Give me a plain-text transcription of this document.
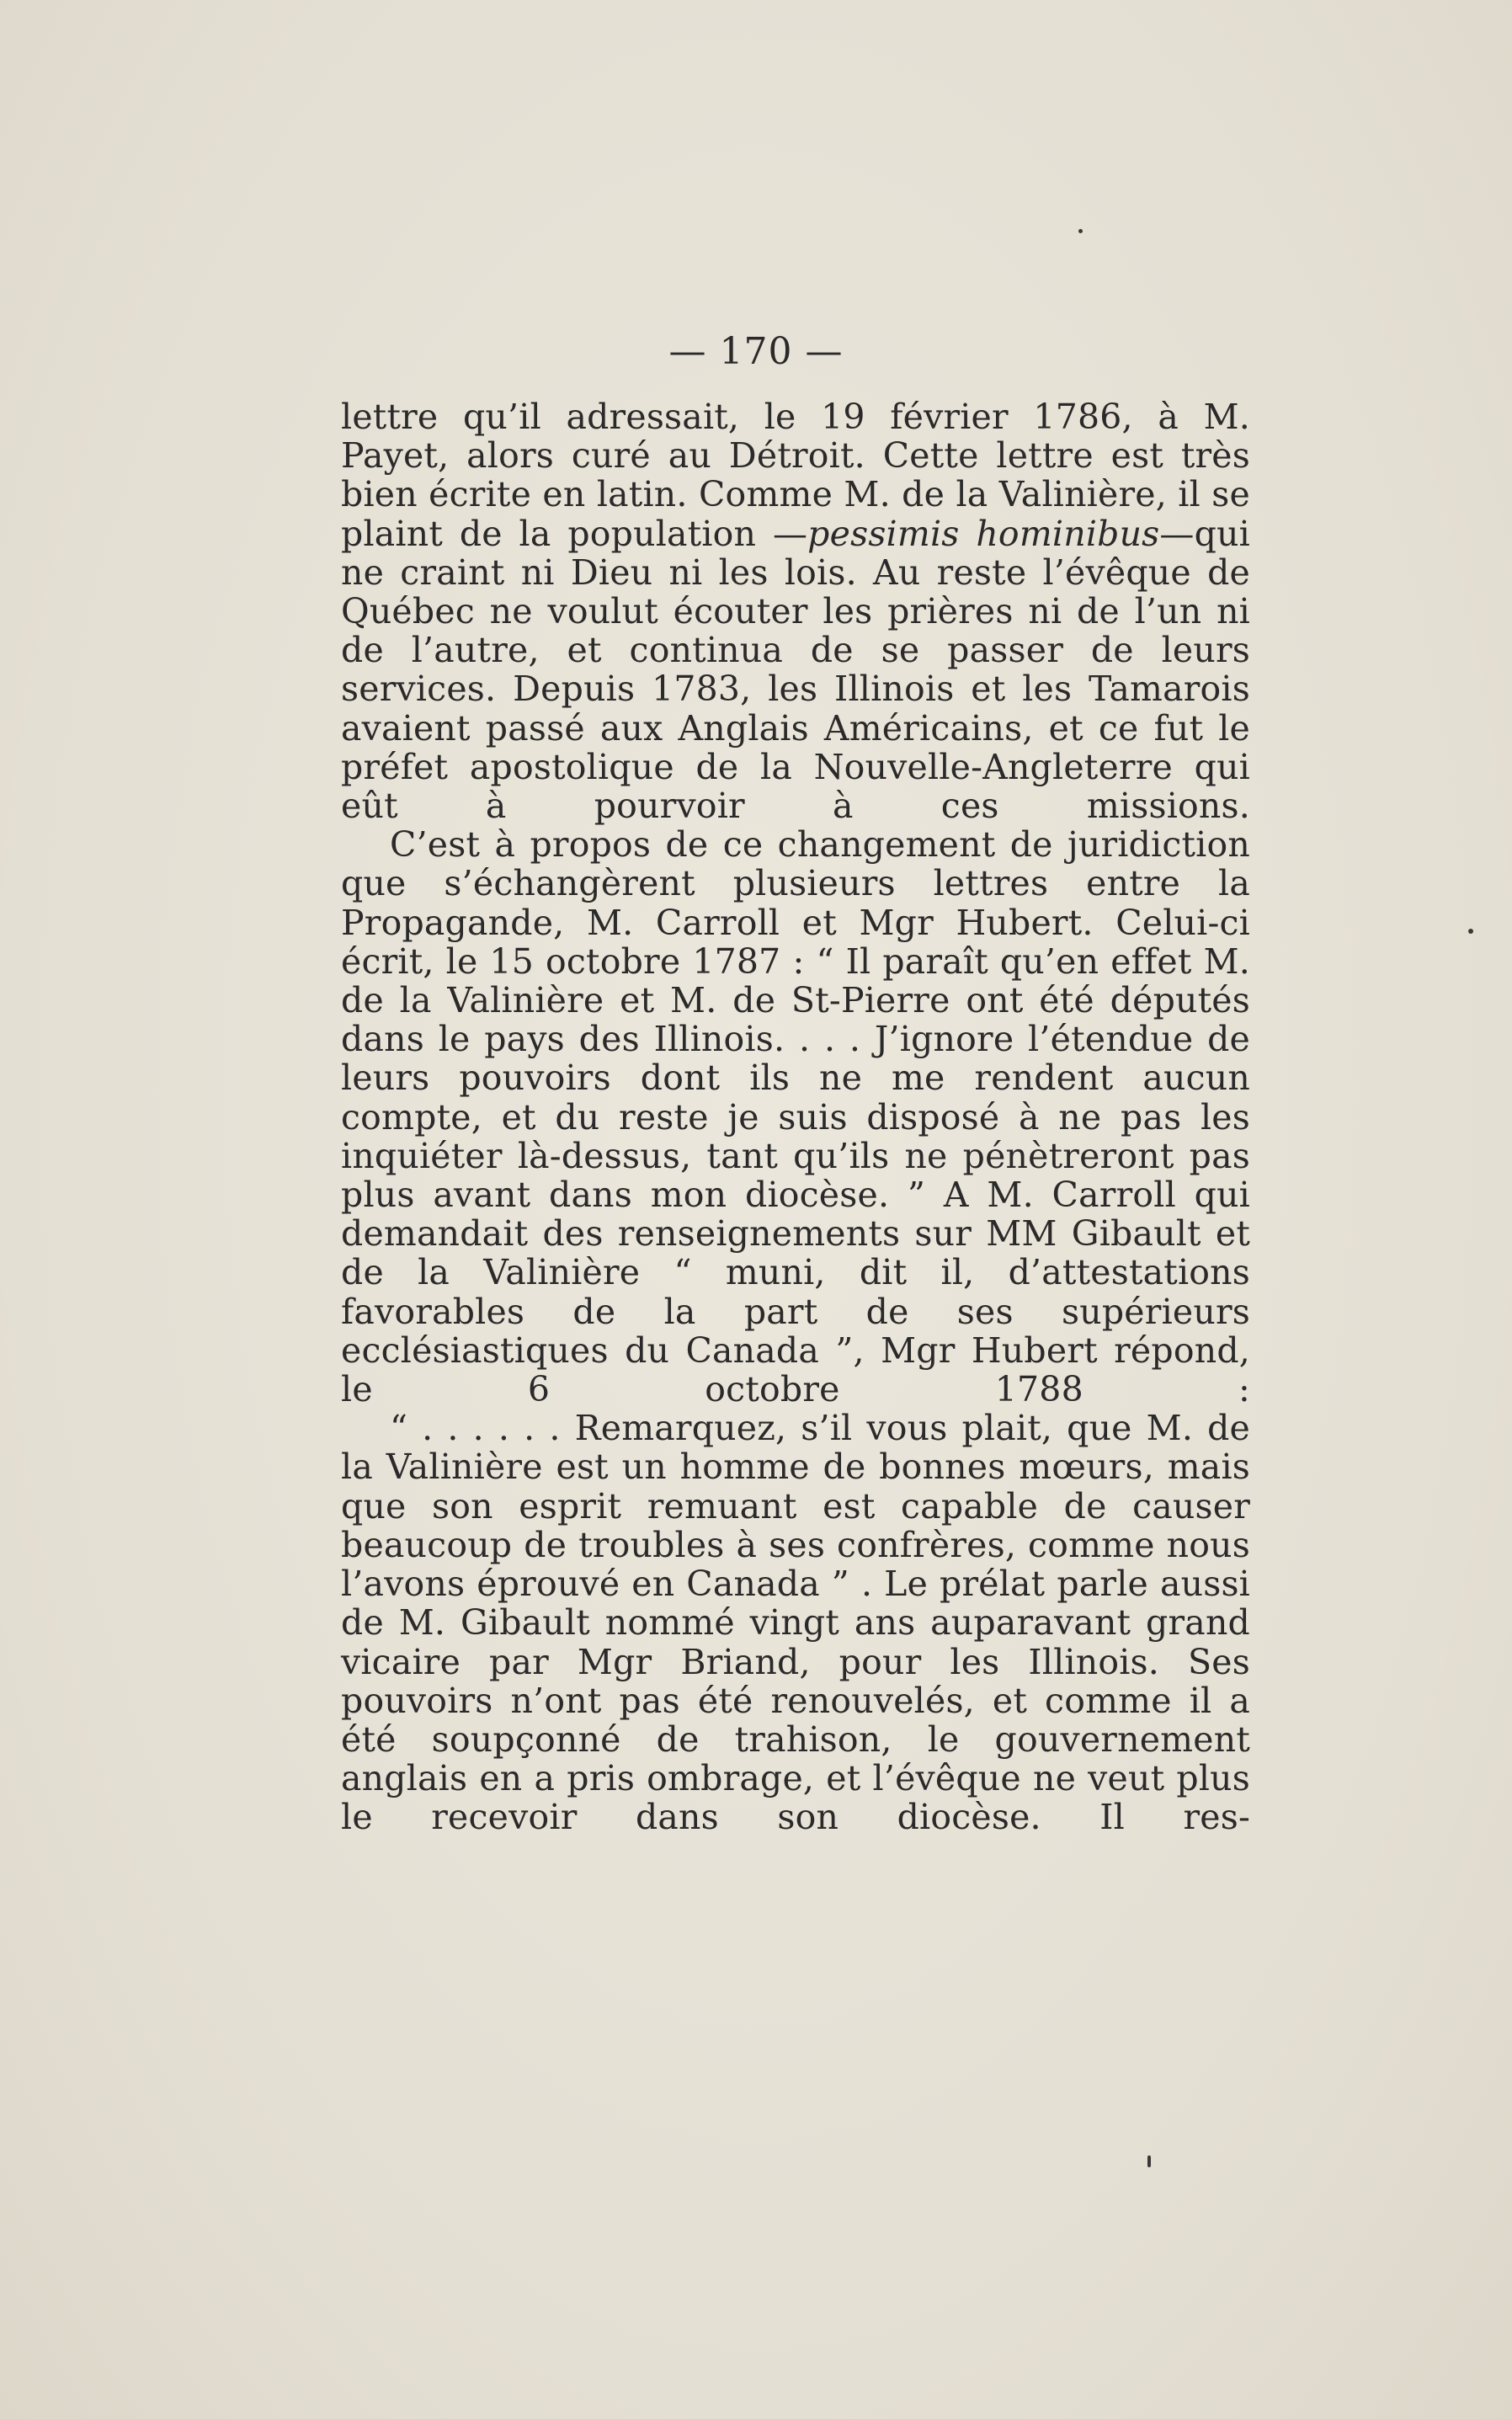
— 170 —

lettre qu’il adressait, le 19 février 1786, à M. Payet, alors curé au Détroit. Cette lettre est très bien écrite en latin. Comme M. de la Valinière, il se plaint de la population —pessimis hominibus—qui ne craint ni Dieu ni les lois. Au reste l’évêque de Québec ne voulut écouter les prières ni de l’un ni de l’autre, et continua de se passer de leurs services. Depuis 1783, les Illinois et les Tamarois avaient passé aux Anglais Américains, et ce fut le préfet apostolique de la Nouvelle-Angleterre qui eût à pourvoir à ces missions.

C’est à propos de ce changement de juridiction que s’échangèrent plusieurs lettres entre la Propagande, M. Carroll et Mgr Hubert. Celui-ci écrit, le 15 octobre 1787 : “ Il paraît qu’en effet M. de la Valinière et M. de St-Pierre ont été députés dans le pays des Illinois. . . . J’ignore l’étendue de leurs pouvoirs dont ils ne me rendent aucun compte, et du reste je suis disposé à ne pas les inquiéter là-dessus, tant qu’ils ne pénètreront pas plus avant dans mon diocèse. ” A M. Carroll qui demandait des renseignements sur MM Gibault et de la Valinière “ muni, dit il, d’attestations favorables de la part de ses supérieurs ecclésiastiques du Canada ”, Mgr Hubert répond, le 6 octobre 1788 :

“ . . . . . . Remarquez, s’il vous plait, que M. de la Valinière est un homme de bonnes mœurs, mais que son esprit remuant est capable de causer beaucoup de troubles à ses confrères, comme nous l’avons éprouvé en Canada ” . Le prélat parle aussi de M. Gibault nommé vingt ans auparavant grand vicaire par Mgr Briand, pour les Illinois. Ses pouvoirs n’ont pas été renouvelés, et comme il a été soupçonné de trahison, le gouvernement anglais en a pris ombrage, et l’évêque ne veut plus le recevoir dans son diocèse. Il res-
